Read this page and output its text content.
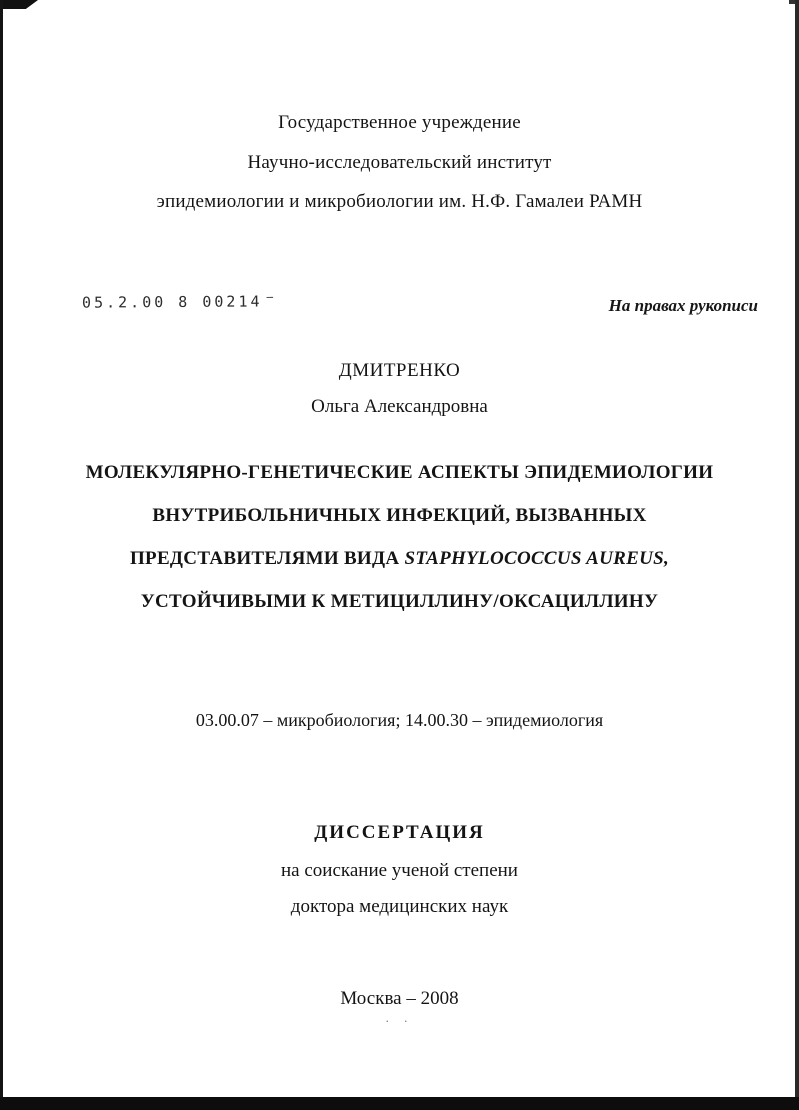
Государственное учреждение
Научно-исследовательский институт
эпидемиологии и микробиологии им. Н.Ф. Гамалеи РАМН
05.2.00 8 00214 –	На правах рукописи
ДМИТРЕНКО
Ольга Александровна
МОЛЕКУЛЯРНО-ГЕНЕТИЧЕСКИЕ АСПЕКТЫ ЭПИДЕМИОЛОГИИ
ВНУТРИБОЛЬНИЧНЫХ ИНФЕКЦИЙ, ВЫЗВАННЫХ
ПРЕДСТАВИТЕЛЯМИ ВИДА STAPHYLOCOCCUS AUREUS,
УСТОЙЧИВЫМИ К МЕТИЦИЛЛИНУ/ОКСАЦИЛЛИНУ
03.00.07 – микробиология; 14.00.30 – эпидемиология
ДИССЕРТАЦИЯ
на соискание ученой степени
доктора медицинских наук
Москва – 2008
. .
